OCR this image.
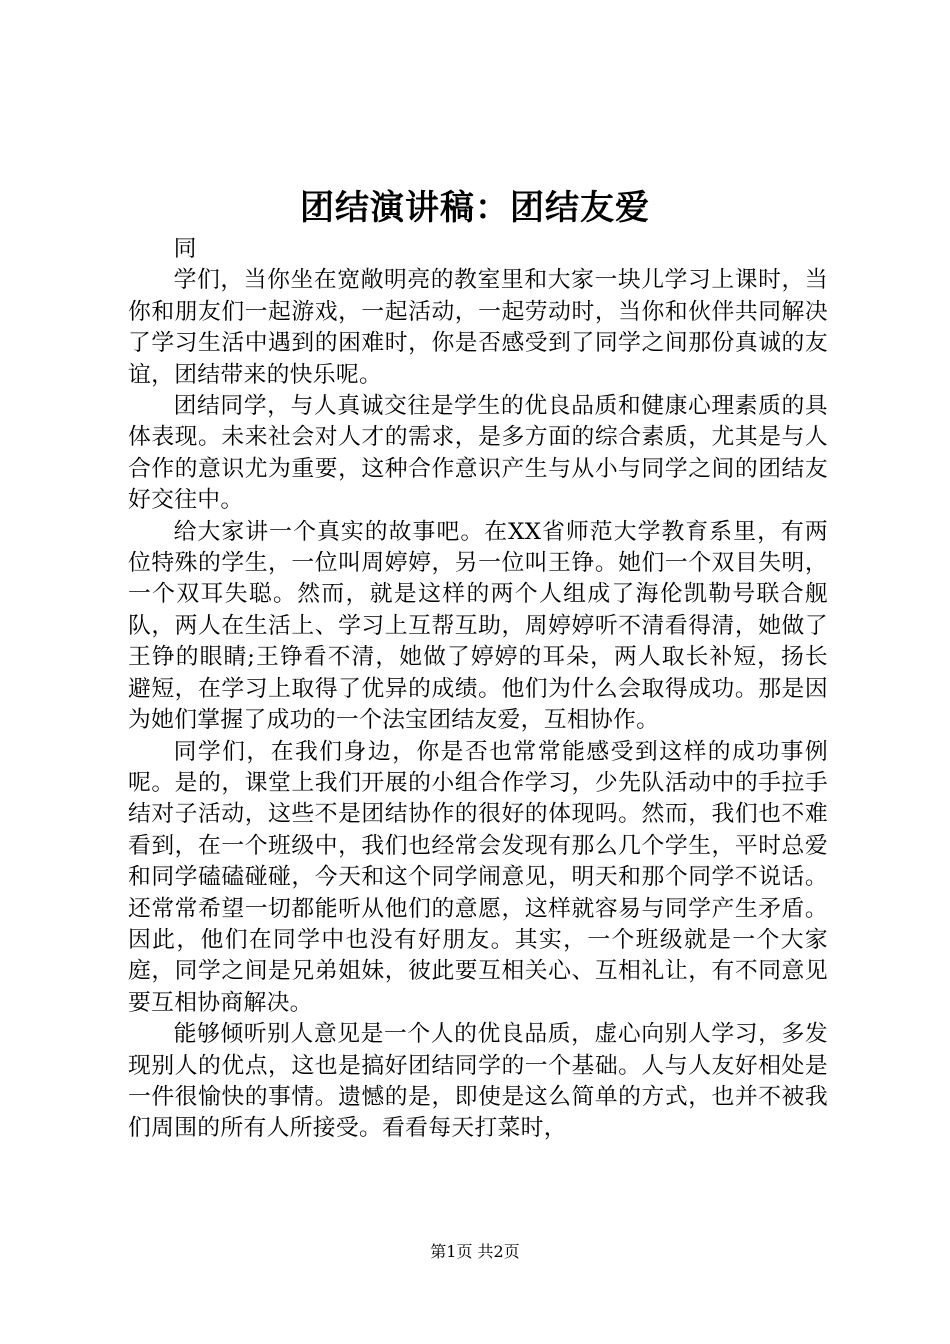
团结演讲稿：团结友爱

同

学们，当你坐在宽敞明亮的教室里和大家一块儿学习上课时，当你和朋友们一起游戏，一起活动，一起劳动时，当你和伙伴共同解决了学习生活中遇到的困难时，你是否感受到了同学之间那份真诚的友谊，团结带来的快乐呢。

团结同学，与人真诚交往是学生的优良品质和健康心理素质的具体表现。未来社会对人才的需求，是多方面的综合素质，尤其是与人合作的意识尤为重要，这种合作意识产生与从小与同学之间的团结友好交往中。

给大家讲一个真实的故事吧。在XX省师范大学教育系里，有两位特殊的学生，一位叫周婷婷，另一位叫王铮。她们一个双目失明，一个双耳失聪。然而，就是这样的两个人组成了海伦凯勒号联合舰队，两人在生活上、学习上互帮互助，周婷婷听不清看得清，她做了王铮的眼睛;王铮看不清，她做了婷婷的耳朵，两人取长补短，扬长避短，在学习上取得了优异的成绩。他们为什么会取得成功。那是因为她们掌握了成功的一个法宝团结友爱，互相协作。

同学们，在我们身边，你是否也常常能感受到这样的成功事例呢。是的，课堂上我们开展的小组合作学习，少先队活动中的手拉手结对子活动，这些不是团结协作的很好的体现吗。然而，我们也不难看到，在一个班级中，我们也经常会发现有那么几个学生，平时总爱和同学磕磕碰碰，今天和这个同学闹意见，明天和那个同学不说话。还常常希望一切都能听从他们的意愿，这样就容易与同学产生矛盾。因此，他们在同学中也没有好朋友。其实，一个班级就是一个大家庭，同学之间是兄弟姐妹，彼此要互相关心、互相礼让，有不同意见要互相协商解决。

能够倾听别人意见是一个人的优良品质，虚心向别人学习，多发现别人的优点，这也是搞好团结同学的一个基础。人与人友好相处是一件很愉快的事情。遗憾的是，即使是这么简单的方式，也并不被我们周围的所有人所接受。看看每天打菜时，

第1页 共2页
